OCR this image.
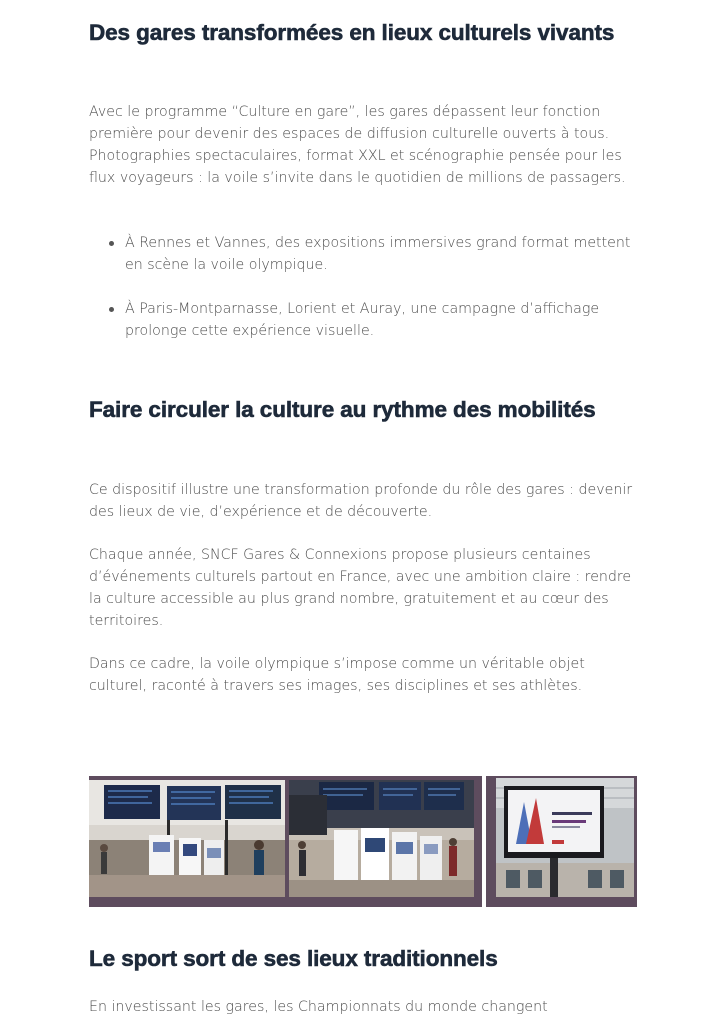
Des gares transformées en lieux culturels vivants

Avec le programme “Culture en gare”, les gares dépassent leur fonction première pour devenir des espaces de diffusion culturelle ouverts à tous. Photographies spectaculaires, format XXL et scénographie pensée pour les flux voyageurs : la voile s’invite dans le quotidien de millions de passagers.

À Rennes et Vannes, des expositions immersives grand format mettent en scène la voile olympique.
À Paris-Montparnasse, Lorient et Auray, une campagne d’affichage prolonge cette expérience visuelle.
Faire circuler la culture au rythme des mobilités

Ce dispositif illustre une transformation profonde du rôle des gares : devenir des lieux de vie, d’expérience et de découverte.

Chaque année, SNCF Gares & Connexions propose plusieurs centaines d’événements culturels partout en France, avec une ambition claire : rendre la culture accessible au plus grand nombre, gratuitement et au cœur des territoires.

Dans ce cadre, la voile olympique s’impose comme un véritable objet culturel, raconté à travers ses images, ses disciplines et ses athlètes.

Le sport sort de ses lieux traditionnels

En investissant les gares, les Championnats du monde changent
